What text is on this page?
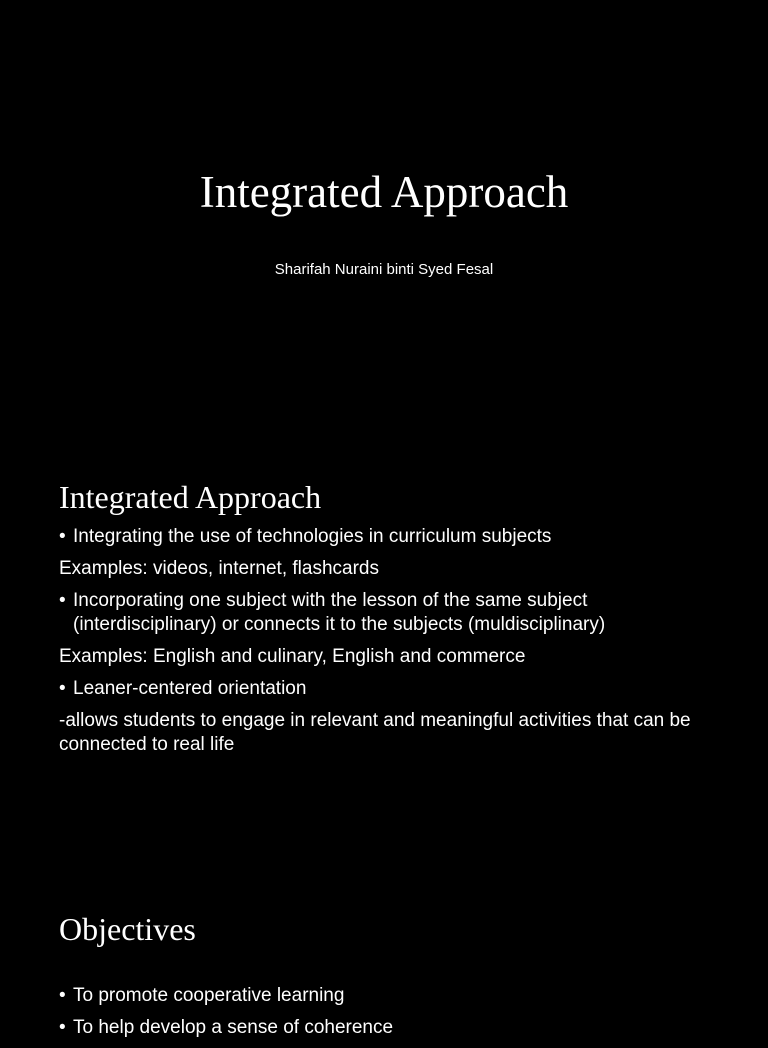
Integrated Approach

Sharifah Nuraini binti Syed Fesal

Integrated Approach
• Integrating the use of technologies in curriculum subjects
Examples: videos, internet, flashcards
• Incorporating one subject with the lesson of the same subject (interdisciplinary) or connects it to the subjects (muldisciplinary)
Examples: English and culinary, English and commerce
• Leaner-centered orientation
-allows students to engage in relevant and meaningful activities that can be connected to real life
Objectives
• To promote cooperative learning
• To help develop a sense of coherence
